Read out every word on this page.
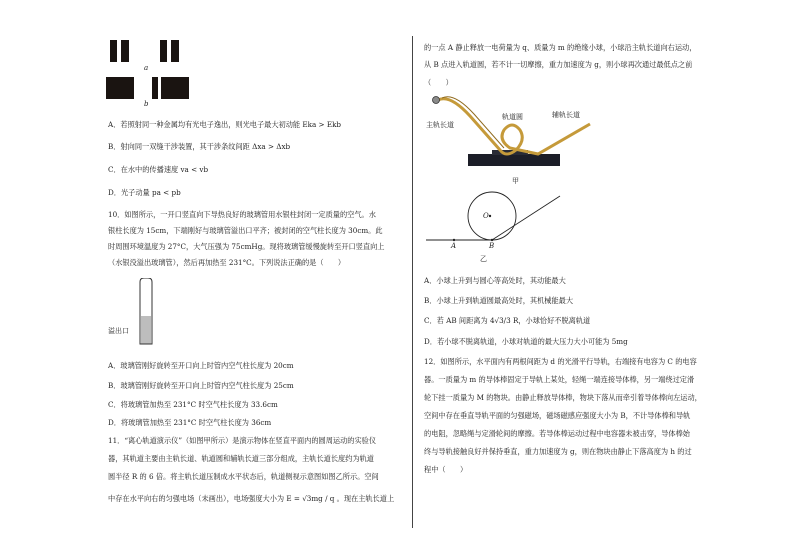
a
b
A．若照射同一种金属均有光电子逸出，则光电子最大初动能 Eka > Ekb
B．射向同一双缝干涉装置，其干涉条纹间距 Δxa > Δxb
C．在水中的传播速度 va < vb
D．光子动量 pa < pb
10．如图所示，一开口竖直向下导热良好的玻璃管用水银柱封闭一定质量的空气。水
银柱长度为 15cm，下端刚好与玻璃管溢出口平齐；被封闭的空气柱长度为 30cm。此
时周围环境温度为 27°C，大气压强为 75cmHg。现将玻璃管缓慢旋转至开口竖直向上
（水银没溢出玻璃管），然后再加热至 231°C。下列说法正确的是（　　）
溢出口
A．玻璃管刚好旋转至开口向上时管内空气柱长度为 20cm
B．玻璃管刚好旋转至开口向上时管内空气柱长度为 25cm
C．将玻璃管加热至 231°C 时空气柱长度为 33.6cm
D．将玻璃管加热至 231°C 时空气柱长度为 36cm
11．“离心轨道演示仪”（如图甲所示）是演示物体在竖直平面内的圆周运动的实验仪
器，其轨道主要由主轨长道、轨道圆和辅轨长道三部分组成，主轨长道长度约为轨道
圆半径 R 的 6 倍。将主轨长道压制成水平状态后，轨道侧视示意图如图乙所示。空间
中存在水平向右的匀强电场（未画出），电场强度大小为 E = √3mg / q 。现在主轨长道上
的一点 A 静止释放一电荷量为 q、质量为 m 的绝缘小球，小球沿主轨长道向右运动，
从 B 点进入轨道圆，若不计一切摩擦，重力加速度为 g，则小球再次通过最低点之前
（　　）
主轨长道
轨道圆	辅轨长道
甲
O
A	B
乙
A．小球上升到与圆心等高处时，其动能最大
B．小球上升到轨道圆最高处时，其机械能最大
C．若 AB 间距离为 4√3/3 R，小球恰好不脱离轨道
D．若小球不脱离轨道，小球对轨道的最大压力大小可能为 5mg
12．如图所示，水平面内有两根间距为 d 的光滑平行导轨，右端接有电容为 C 的电容
器。一质量为 m 的导体棒固定于导轨上某处，轻绳一端连接导体棒，另一端绕过定滑
轮下挂一质量为 M 的物块。由静止释放导体棒，物块下落从而牵引着导体棒向左运动，
空间中存在垂直导轨平面的匀强磁场，磁场磁感应强度大小为 B，不计导体棒和导轨
的电阻，忽略绳与定滑轮间的摩擦。若导体棒运动过程中电容器未被击穿，导体棒始
终与导轨接触良好并保持垂直，重力加速度为 g，则在物块由静止下落高度为 h 的过
程中（　　）
